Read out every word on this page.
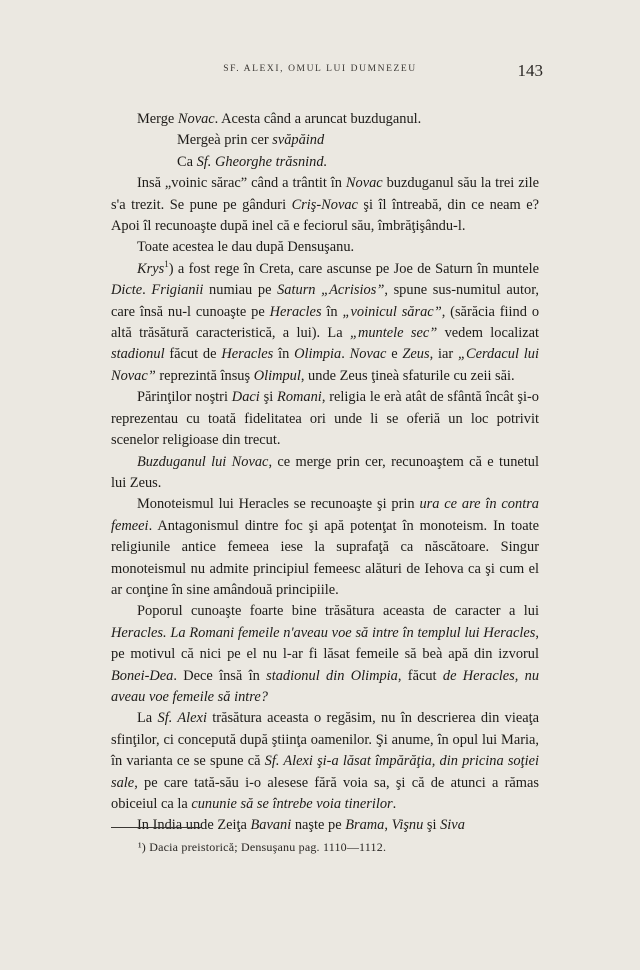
SF. ALEXI, OMUL LUI DUMNEZEU	143

Merge Novac. Acesta când a aruncat buzduganul.

Mergeà prin cer svăpăind

Ca Sf. Gheorghe trăsnind.

Insă „voinic sărac” când a trântit în Novac buzduganul său la trei zile s'a trezit. Se pune pe gânduri Criş-Novac şi îl întreabă, din ce neam e? Apoi îl recunoaşte după inel că e feciorul său, îmbrăţişându-l.

Toate acestea le dau după Densuşanu.

Krys$^1$) a fost rege în Creta, care ascunse pe Joe de Saturn în muntele Dicte. Frigianii numiau pe Saturn „Acrisios”, spune sus-numitul autor, care însă nu-l cunoaşte pe Heracles în „voinicul sărac”, (sărăcia fiind o altă trăsătură caracteristică, a lui). La „muntele sec” vedem localizat stadionul făcut de Heracles în Olimpia. Novac e Zeus, iar „Cerdacul lui Novac” reprezintă însuş Olimpul, unde Zeus ţineà sfaturile cu zeii săi.

Părinţilor noştri Daci şi Romani, religia le erà atât de sfântă încât şi-o reprezentau cu toată fidelitatea ori unde li se oferiă un loc potrivit scenelor religioase din trecut.

Buzduganul lui Novac, ce merge prin cer, recunoaştem că e tunetul lui Zeus.

Monoteismul lui Heracles se recunoaşte şi prin ura ce are în contra femeei. Antagonismul dintre foc şi apă potenţat în monoteism. In toate religiunile antice femeea iese la suprafaţă ca născătoare. Singur monoteismul nu admite principiul femeesc alături de Iehova ca şi cum el ar conţine în sine amândouă principiile.

Poporul cunoaşte foarte bine trăsătura aceasta de caracter a lui Heracles. La Romani femeile n'aveau voe să intre în templul lui Heracles, pe motivul că nici pe el nu l-ar fi lăsat femeile să beà apă din izvorul Bonei-Dea. Dece însă în stadionul din Olimpia, făcut de Heracles, nu aveau voe femeile să intre?

La Sf. Alexi trăsătura aceasta o regăsim, nu în descrierea din vieaţa sfinţilor, ci concepută după ştiinţa oamenilor. Şi anume, în opul lui Maria, în varianta ce se spune că Sf. Alexi şi-a lăsat împărăţia, din pricina soţiei sale, pe care tată-său i-o alesese fără voia sa, şi că de atunci a rămas obiceiul ca la cununie să se întrebe voia tinerilor.

In India unde Zeiţa Bavani naşte pe Brama, Vişnu şi Siva

¹) Dacia preistorică; Densuşanu pag. 1110—1112.
